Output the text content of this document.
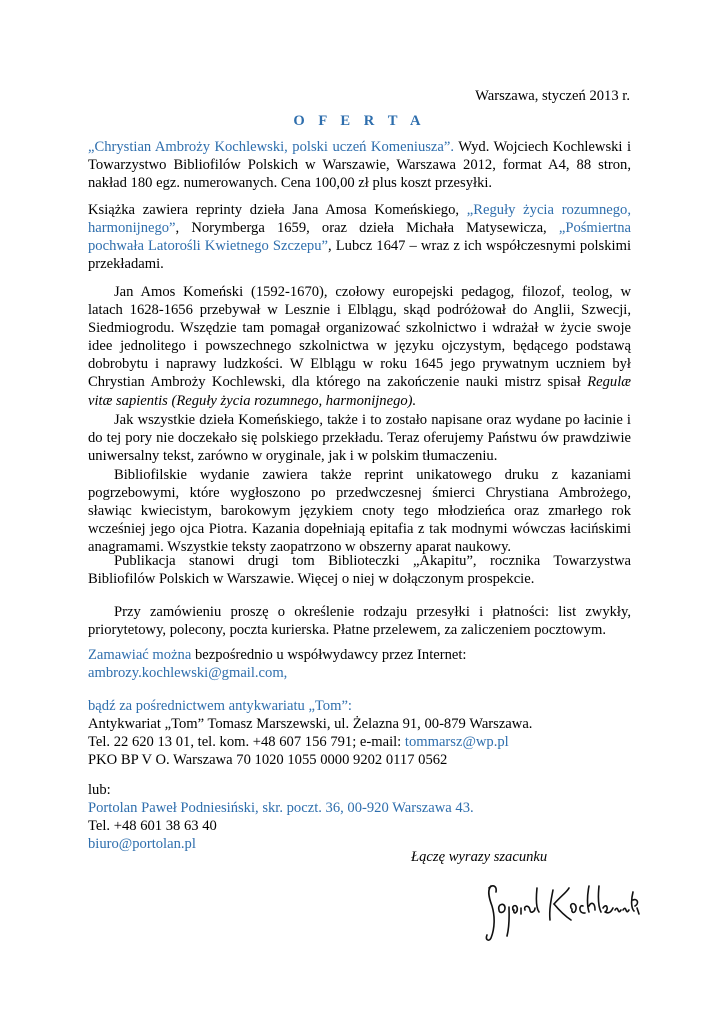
Warszawa, styczeń 2013 r.

O F E R T A

„Chrystian Ambroży Kochlewski, polski uczeń Komeniusza”. Wyd. Wojciech Kochlewski i Towarzystwo Bibliofilów Polskich w Warszawie, Warszawa 2012, format A4, 88 stron, nakład 180 egz. numerowanych. Cena 100,00 zł plus koszt przesyłki.

Książka zawiera reprinty dzieła Jana Amosa Komeńskiego, „Reguły życia rozumnego, harmonijnego”, Norymberga 1659, oraz dzieła Michała Matysewicza, „Pośmiertna pochwała Latorośli Kwietnego Szczepu”, Lubcz 1647 – wraz z ich współczesnymi polskimi przekładami.

Jan Amos Komeński (1592-1670), czołowy europejski pedagog, filozof, teolog, w latach 1628-1656 przebywał w Lesznie i Elblągu, skąd podróżował do Anglii, Szwecji, Siedmiogrodu. Wszędzie tam pomagał organizować szkolnictwo i wdrażał w życie swoje idee jednolitego i powszechnego szkolnictwa w języku ojczystym, będącego podstawą dobrobytu i naprawy ludzkości. W Elblągu w roku 1645 jego prywatnym uczniem był Chrystian Ambroży Kochlewski, dla którego na zakończenie nauki mistrz spisał Regulæ vitæ sapientis (Reguły życia rozumnego, harmonijnego).

Jak wszystkie dzieła Komeńskiego, także i to zostało napisane oraz wydane po łacinie i do tej pory nie doczekało się polskiego przekładu. Teraz oferujemy Państwu ów prawdziwie uniwersalny tekst, zarówno w oryginale, jak i w polskim tłumaczeniu.

Bibliofilskie wydanie zawiera także reprint unikatowego druku z kazaniami pogrzebowymi, które wygłoszono po przedwczesnej śmierci Chrystiana Ambrożego, sławiąc kwiecistym, barokowym językiem cnoty tego młodzieńca oraz zmarłego rok wcześniej jego ojca Piotra. Kazania dopełniają epitafia z tak modnymi wówczas łacińskimi anagramami. Wszystkie teksty zaopatrzono w obszerny aparat naukowy.

Publikacja stanowi drugi tom Biblioteczki „Akapitu”, rocznika Towarzystwa Bibliofilów Polskich w Warszawie. Więcej o niej w dołączonym prospekcie.

Przy zamówieniu proszę o określenie rodzaju przesyłki i płatności: list zwykły, priorytetowy, polecony, poczta kurierska. Płatne przelewem, za zaliczeniem pocztowym.

Zamawiać można bezpośrednio u współwydawcy przez Internet:

ambrozy.kochlewski@gmail.com,

bądź za pośrednictwem antykwariatu „Tom”:

Antykwariat „Tom” Tomasz Marszewski, ul. Żelazna 91, 00-879 Warszawa.

Tel. 22 620 13 01, tel. kom. +48 607 156 791; e-mail: tommarsz@wp.pl

PKO BP V O. Warszawa 70 1020 1055 0000 9202 0117 0562

lub:

Portolan Paweł Podniesiński, skr. poczt. 36, 00-920 Warszawa 43.

Tel. +48 601 38 63 40

biuro@portolan.pl

Łączę wyrazy szacunku
